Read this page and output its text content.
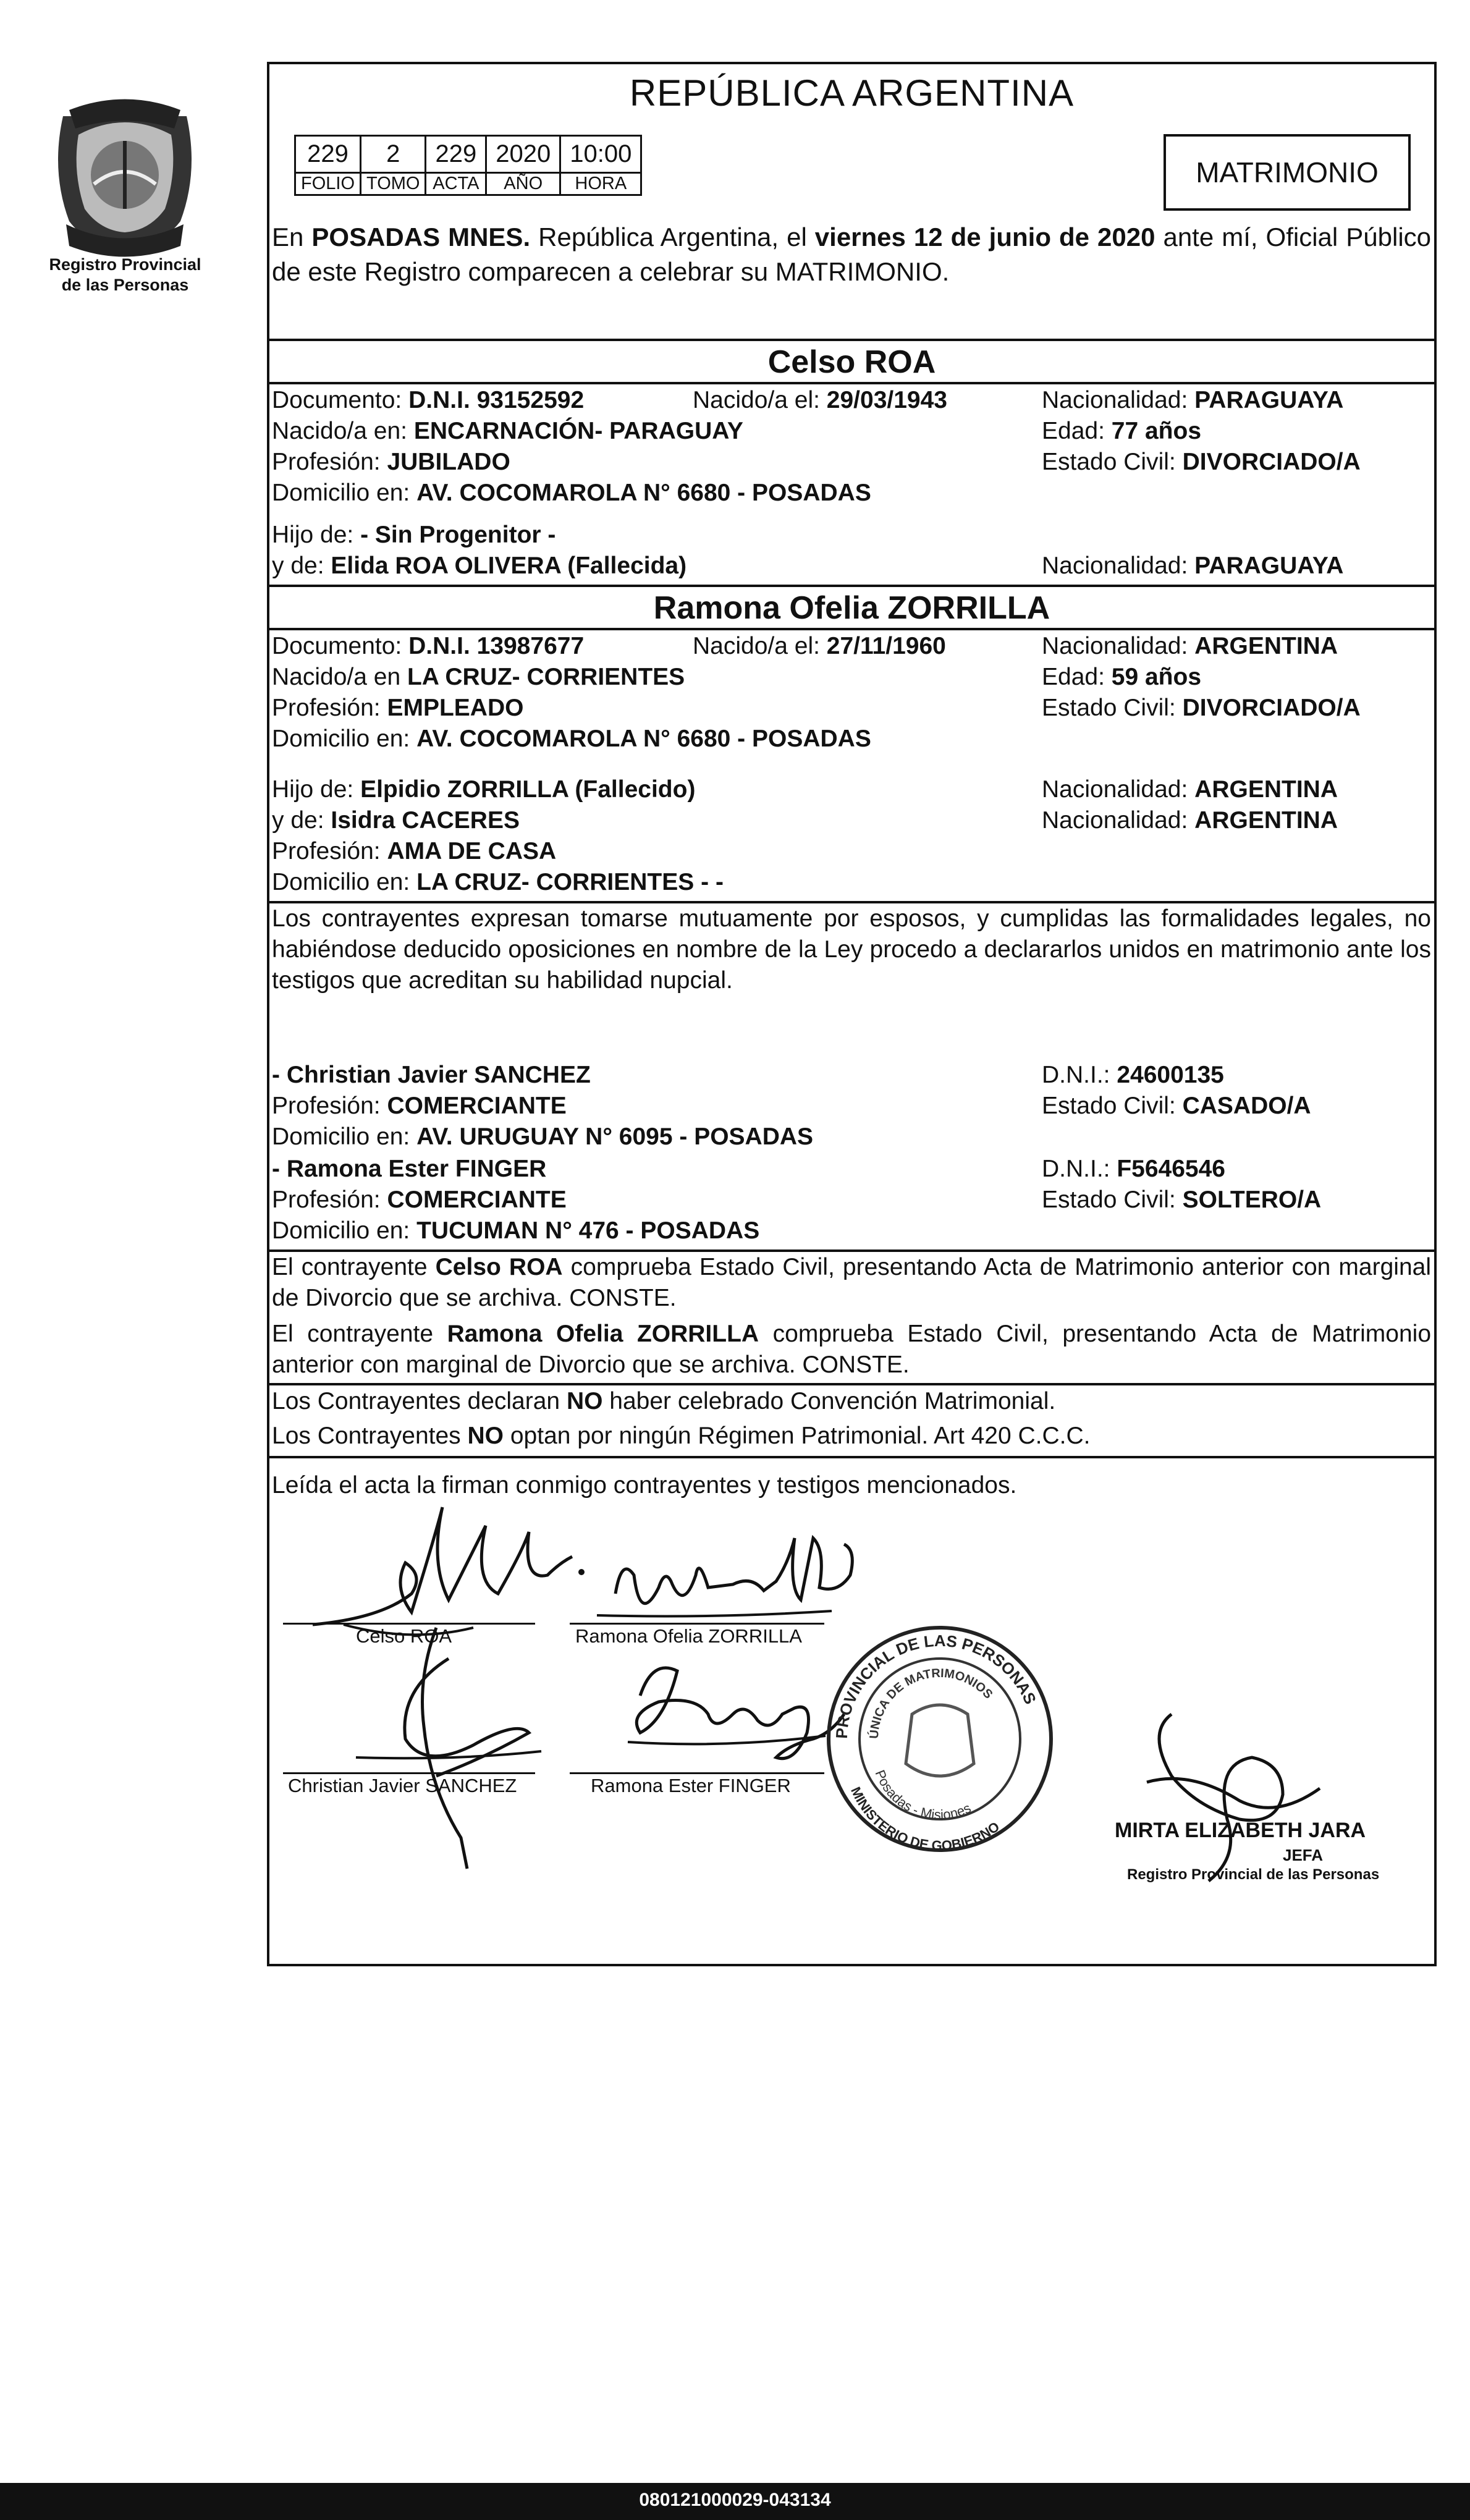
Registro Provincial
de las Personas
REPÚBLICA ARGENTINA
229	2	229	2020	10:00
FOLIO	TOMO	ACTA	AÑO	HORA	MATRIMONIO
En POSADAS MNES. República Argentina, el viernes 12 de junio de 2020 ante mí, Oficial Público de este Registro comparecen a celebrar su MATRIMONIO.
Celso ROA
Documento: D.N.I. 93152592	Nacido/a el: 29/03/1943	Nacionalidad: PARAGUAYA
Nacido/a en: ENCARNACIÓN- PARAGUAY	Edad: 77 años
Profesión: JUBILADO	Estado Civil: DIVORCIADO/A
Domicilio en: AV. COCOMAROLA N° 6680 - POSADAS
Hijo de: - Sin Progenitor -
y de: Elida ROA OLIVERA (Fallecida)	Nacionalidad: PARAGUAYA
Ramona Ofelia ZORRILLA
Documento: D.N.I. 13987677	Nacido/a el: 27/11/1960	Nacionalidad: ARGENTINA
Nacido/a en LA CRUZ- CORRIENTES	Edad: 59 años
Profesión: EMPLEADO	Estado Civil: DIVORCIADO/A
Domicilio en: AV. COCOMAROLA N° 6680 - POSADAS
Hijo de: Elpidio ZORRILLA (Fallecido)	Nacionalidad: ARGENTINA
y de: Isidra CACERES	Nacionalidad: ARGENTINA
Profesión: AMA DE CASA
Domicilio en: LA CRUZ- CORRIENTES - -
Los contrayentes expresan tomarse mutuamente por esposos, y cumplidas las formalidades legales, no habiéndose deducido oposiciones en nombre de la Ley procedo a declararlos unidos en matrimonio ante los testigos que acreditan su habilidad nupcial.
- Christian Javier SANCHEZ	D.N.I.: 24600135
Profesión: COMERCIANTE	Estado Civil: CASADO/A
Domicilio en: AV. URUGUAY N° 6095 - POSADAS
- Ramona Ester FINGER	D.N.I.: F5646546
Profesión: COMERCIANTE	Estado Civil: SOLTERO/A
Domicilio en: TUCUMAN N° 476 - POSADAS
El contrayente Celso ROA comprueba Estado Civil, presentando Acta de Matrimonio anterior con marginal de Divorcio que se archiva. CONSTE.
El contrayente Ramona Ofelia ZORRILLA comprueba Estado Civil, presentando Acta de Matrimonio anterior con marginal de Divorcio que se archiva. CONSTE.
Los Contrayentes declaran NO haber celebrado Convención Matrimonial.
Los Contrayentes NO optan por ningún Régimen Patrimonial. Art 420 C.C.C.
Leída el acta la firman conmigo contrayentes y testigos mencionados.
Celso ROA	Ramona Ofelia ZORRILLA
Christian Javier SANCHEZ	Ramona Ester FINGER
PROVINCIAL DE LAS PERSONAS
ÚNICA DE MATRIMONIOS
Posadas - Misiones
MINISTERIO DE GOBIERNO	MIRTA ELIZABETH JARA
JEFA
Registro Provincial de las Personas
080121000029-043134
